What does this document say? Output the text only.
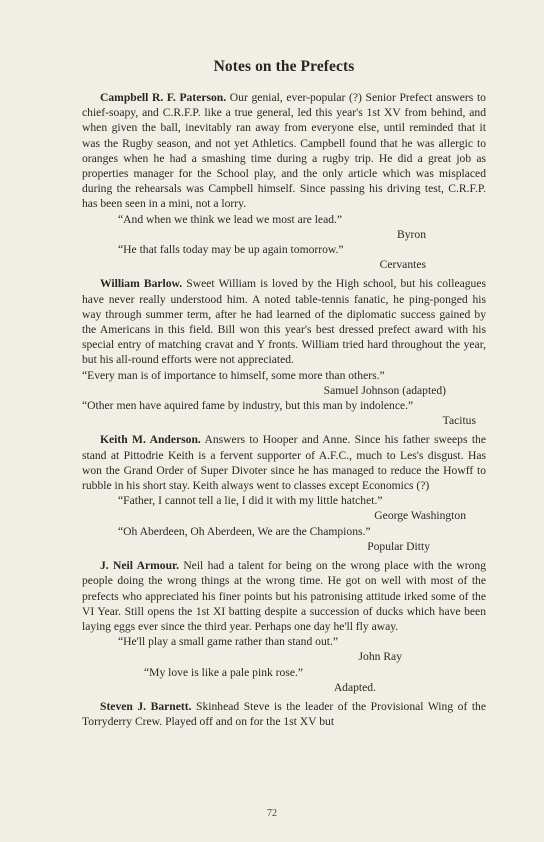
Notes on the Prefects

Campbell R. F. Paterson. Our genial, ever-popular (?) Senior Prefect answers to chief-soapy, and C.R.F.P. like a true general, led this year's 1st XV from behind, and when given the ball, inevitably ran away from everyone else, until reminded that it was the Rugby season, and not yet Athletics. Campbell found that he was allergic to oranges when he had a smashing time during a rugby trip. He did a great job as properties manager for the School play, and the only article which was misplaced during the rehearsals was Campbell himself. Since passing his driving test, C.R.F.P. has been seen in a mini, not a lorry.

“And when we think we lead we most are lead.”
Byron
“He that falls today may be up again tomorrow.”
Cervantes

William Barlow. Sweet William is loved by the High school, but his colleagues have never really understood him. A noted table-tennis fanatic, he ping-ponged his way through summer term, after he had learned of the diplomatic success gained by the Americans in this field. Bill won this year's best dressed prefect award with his special entry of matching cravat and Y fronts. William tried hard throughout the year, but his all-round efforts were not appreciated.

“Every man is of importance to himself, some more than others.”
Samuel Johnson (adapted)
“Other men have aquired fame by industry, but this man by indolence.”
Tacitus

Keith M. Anderson. Answers to Hooper and Anne. Since his father sweeps the stand at Pittodrie Keith is a fervent supporter of A.F.C., much to Les's disgust. Has won the Grand Order of Super Divoter since he has managed to reduce the Howff to rubble in his short stay. Keith always went to classes except Economics (?)

“Father, I cannot tell a lie, I did it with my little hatchet.”
George Washington
“Oh Aberdeen, Oh Aberdeen, We are the Champions.”
Popular Ditty

J. Neil Armour. Neil had a talent for being on the wrong place with the wrong people doing the wrong things at the wrong time. He got on well with most of the prefects who appreciated his finer points but his patronising attitude irked some of the VI Year. Still opens the 1st XI batting despite a succession of ducks which have been laying eggs ever since the third year. Perhaps one day he'll fly away.

“He'll play a small game rather than stand out.”
John Ray
“My love is like a pale pink rose.”
Adapted.

Steven J. Barnett. Skinhead Steve is the leader of the Provisional Wing of the Torryderry Crew. Played off and on for the 1st XV but

72
